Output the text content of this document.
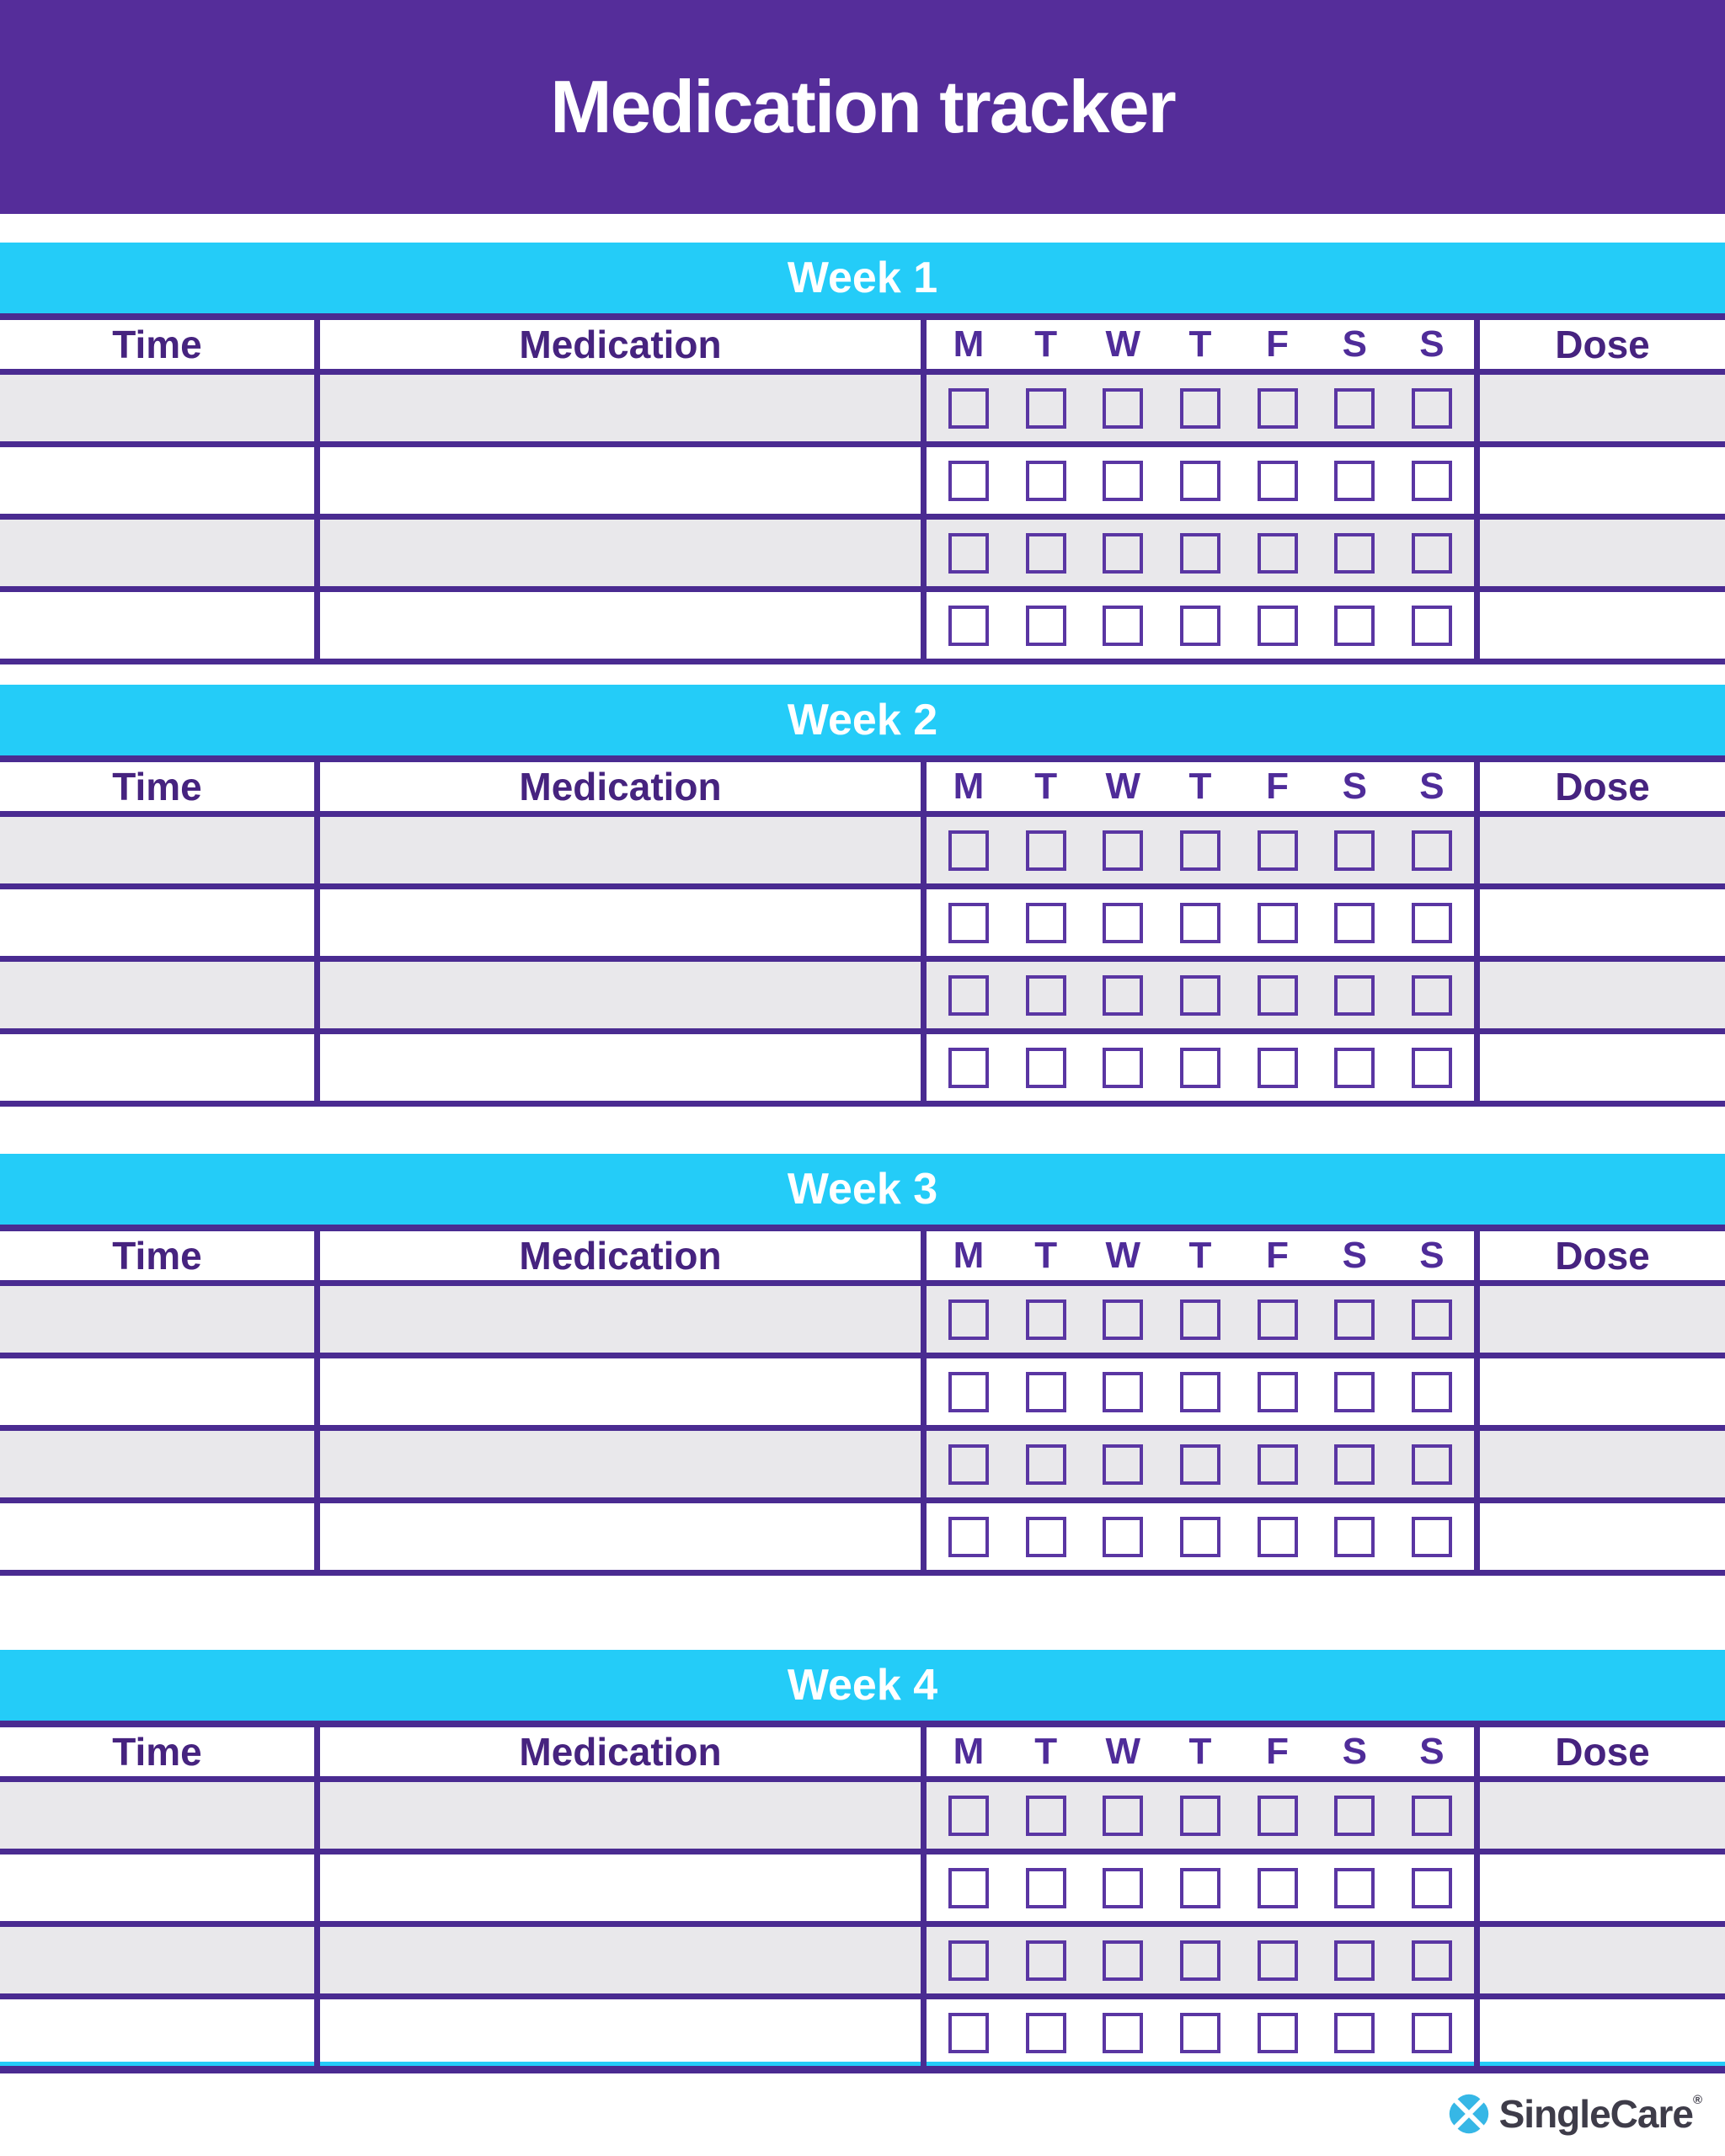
Medication tracker
Week 1
Time	Medication	M T W T F S S	Dose
Week 2
Time	Medication	M T W T F S S	Dose
Week 3
Time	Medication	M T W T F S S	Dose
Week 4
Time	Medication	M T W T F S S	Dose
SingleCare®
